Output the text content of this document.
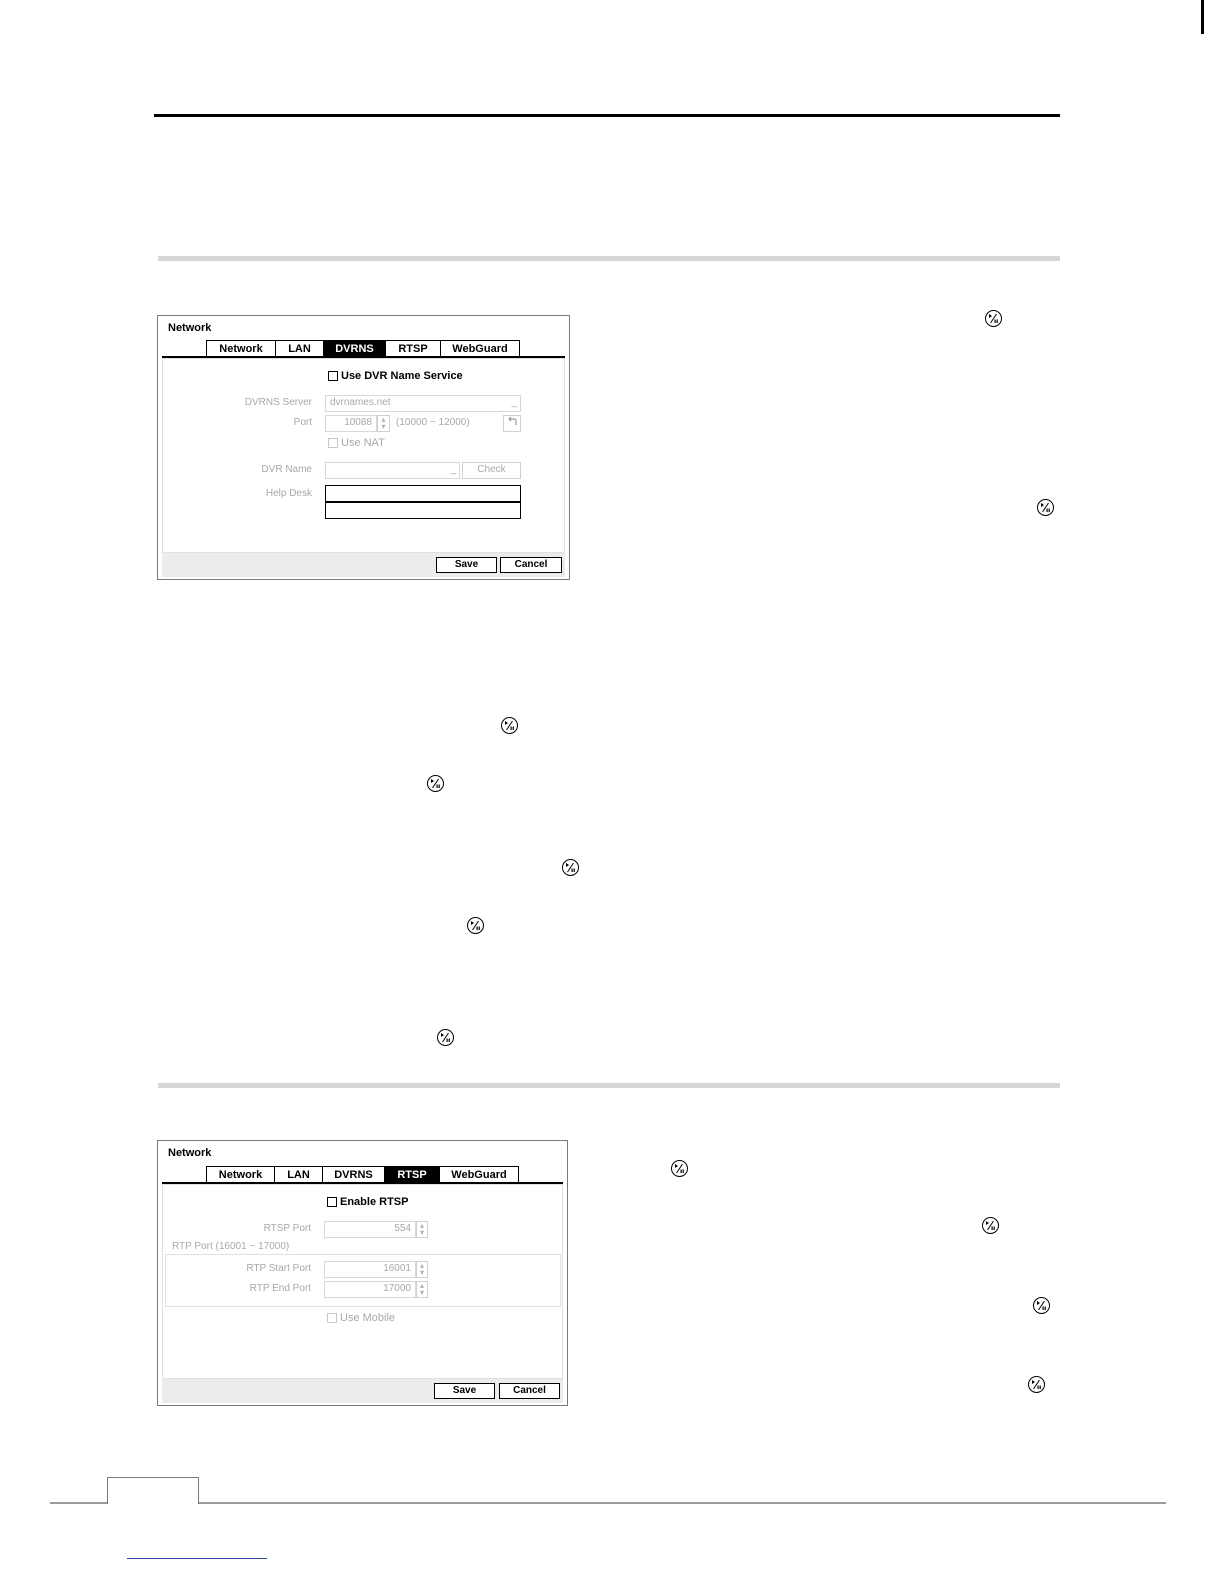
Network
Network	LAN	DVRNS	RTSP	WebGuard
Use DVR Name Service
DVRNS Server	dvrnames.net	_
Port	10088	▴
▾	(10000 ~ 12000)
Use NAT
DVR Name	_	Check
Help Desk
Save	Cancel
Network
Network	LAN	DVRNS	RTSP	WebGuard
Enable RTSP
RTSP Port	554	▴
▾
RTP Port (16001 ~ 17000)
RTP Start Port	16001	▴
▾
RTP End Port	17000	▴
▾
Use Mobile
Save	Cancel
